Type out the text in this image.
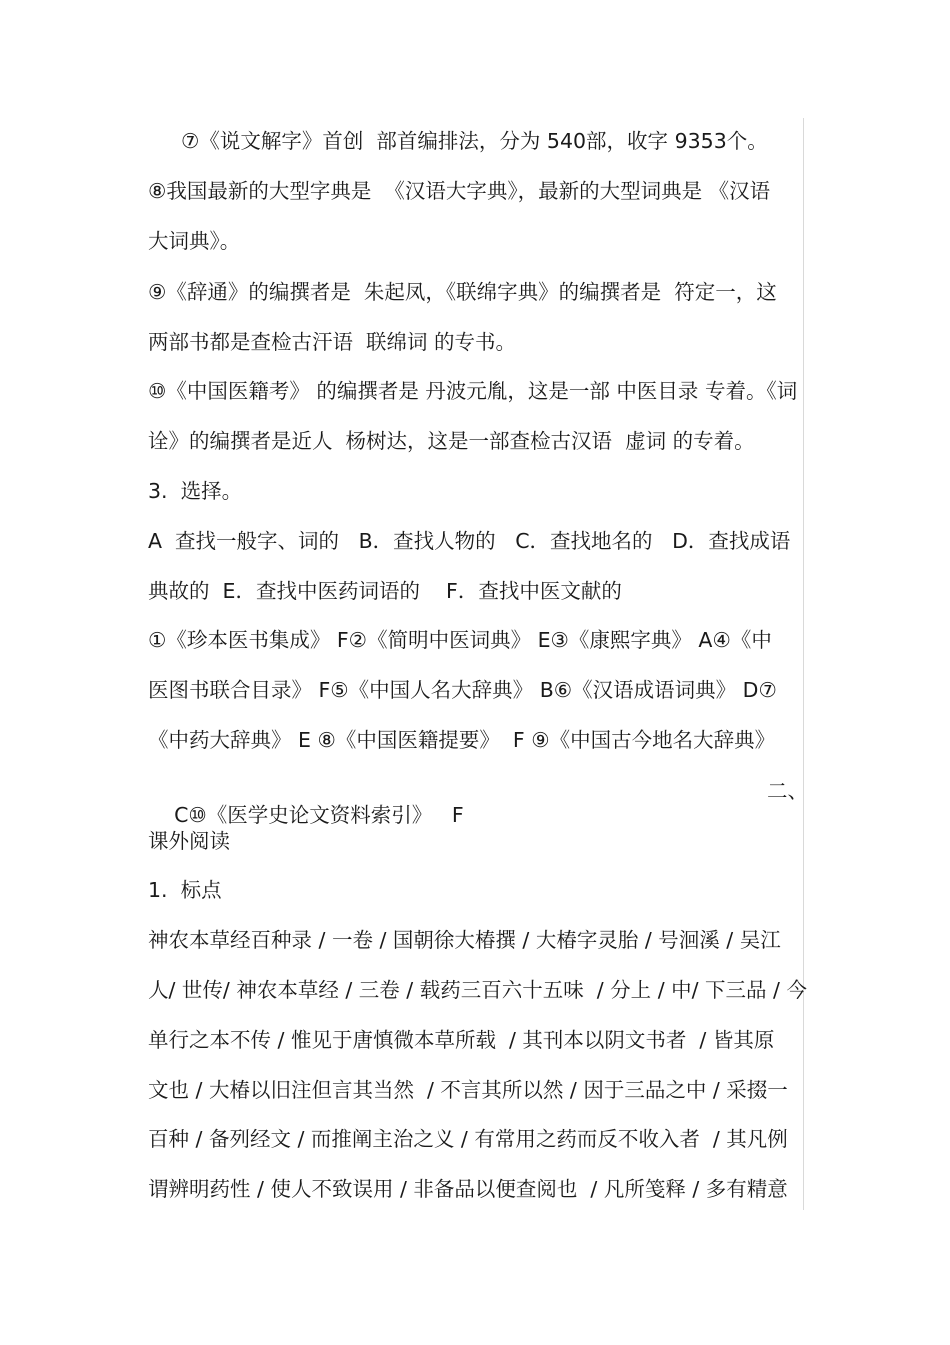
⑦《说文解字》首创  部首编排法，分为 540部，收字 9353个。
⑧我国最新的大型字典是  《汉语大字典》，最新的大型词典是 《汉语
大词典》。
⑨《辞通》的编撰者是  朱起凤，《联绵字典》的编撰者是  符定一，这
两部书都是查检古汗语  联绵词 的专书。
⑩《中国医籍考》 的编撰者是 丹波元胤，这是一部 中医目录 专着。《词
诠》的编撰者是近人  杨树达，这是一部查检古汉语  虚词 的专着。
3.  选择。
A  查找一般字、词的   B．查找人物的   C．查找地名的   D．查找成语
典故的  E．查找中医药词语的    F．查找中医文献的
①《珍本医书集成》 F②《简明中医词典》 E③《康熙字典》 A④《中
医图书联合目录》 F⑤《中国人名大辞典》 B⑥《汉语成语词典》 D⑦
《中药大辞典》 E ⑧《中国医籍提要》  F ⑨《中国古今地名大辞典》

C⑩《医学史论文资料索引》   F

二、

课外阅读
1.  标点
神农本草经百种录 / 一卷 / 国朝徐大椿撰 / 大椿字灵胎 / 号洄溪 / 吴江
人/ 世传/ 神农本草经 / 三卷 / 载药三百六十五味  / 分上 / 中/ 下三品 / 今
单行之本不传 / 惟见于唐慎微本草所载  / 其刊本以阴文书者  / 皆其原
文也 / 大椿以旧注但言其当然  / 不言其所以然 / 因于三品之中 / 采掇一
百种 / 备列经文 / 而推阐主治之义 / 有常用之药而反不收入者  / 其凡例
谓辨明药性 / 使人不致误用 / 非备品以便查阅也  / 凡所笺释 / 多有精意
